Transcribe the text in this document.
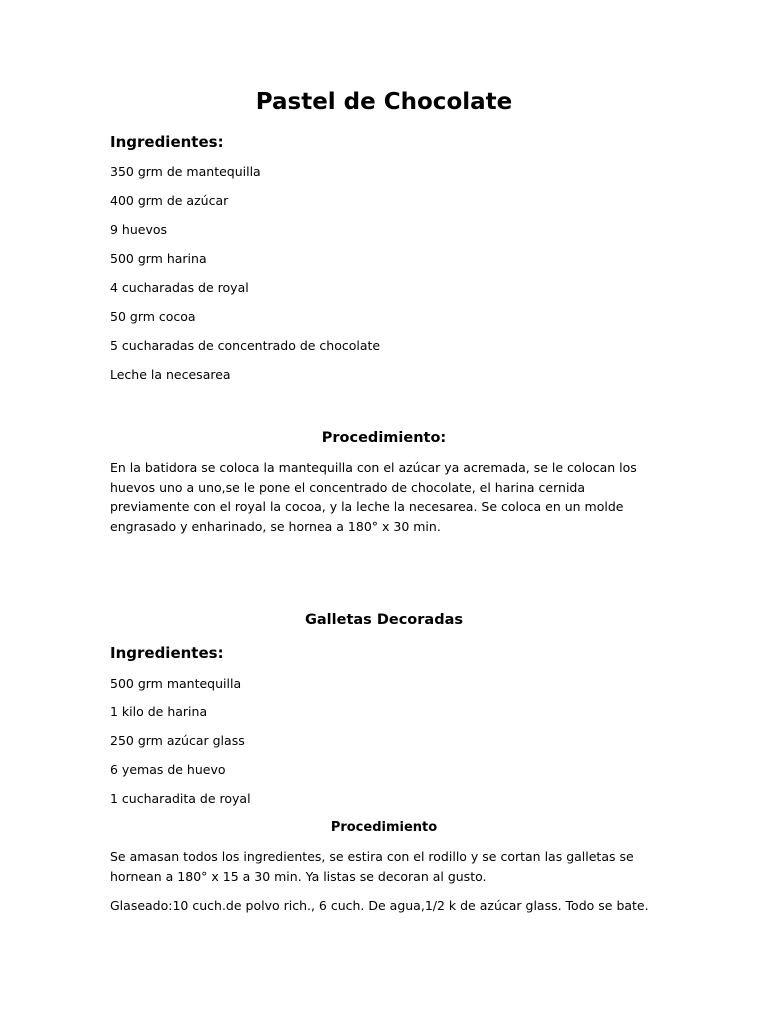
Pastel de Chocolate
Ingredientes:
350 grm de mantequilla
400 grm de azúcar
9 huevos
500 grm harina
4 cucharadas de royal
50 grm cocoa
5 cucharadas de concentrado de chocolate
Leche la necesarea
Procedimiento:
En la batidora se coloca la mantequilla con el azúcar ya acremada, se le colocan los
huevos uno a uno,se le pone el concentrado de chocolate, el harina cernida
previamente con el royal la cocoa, y la leche la necesarea. Se coloca en un molde
engrasado y enharinado, se hornea a 180° x 30 min.
Galletas Decoradas
Ingredientes:
500 grm mantequilla
1 kilo de harina
250 grm azúcar glass
6 yemas de huevo
1 cucharadita de royal
Procedimiento
Se amasan todos los ingredientes, se estira con el rodillo y se cortan las galletas se
hornean a 180° x 15 a 30 min. Ya listas se decoran al gusto.
Glaseado:10 cuch.de polvo rich., 6 cuch. De agua,1/2 k de azúcar glass. Todo se bate.
